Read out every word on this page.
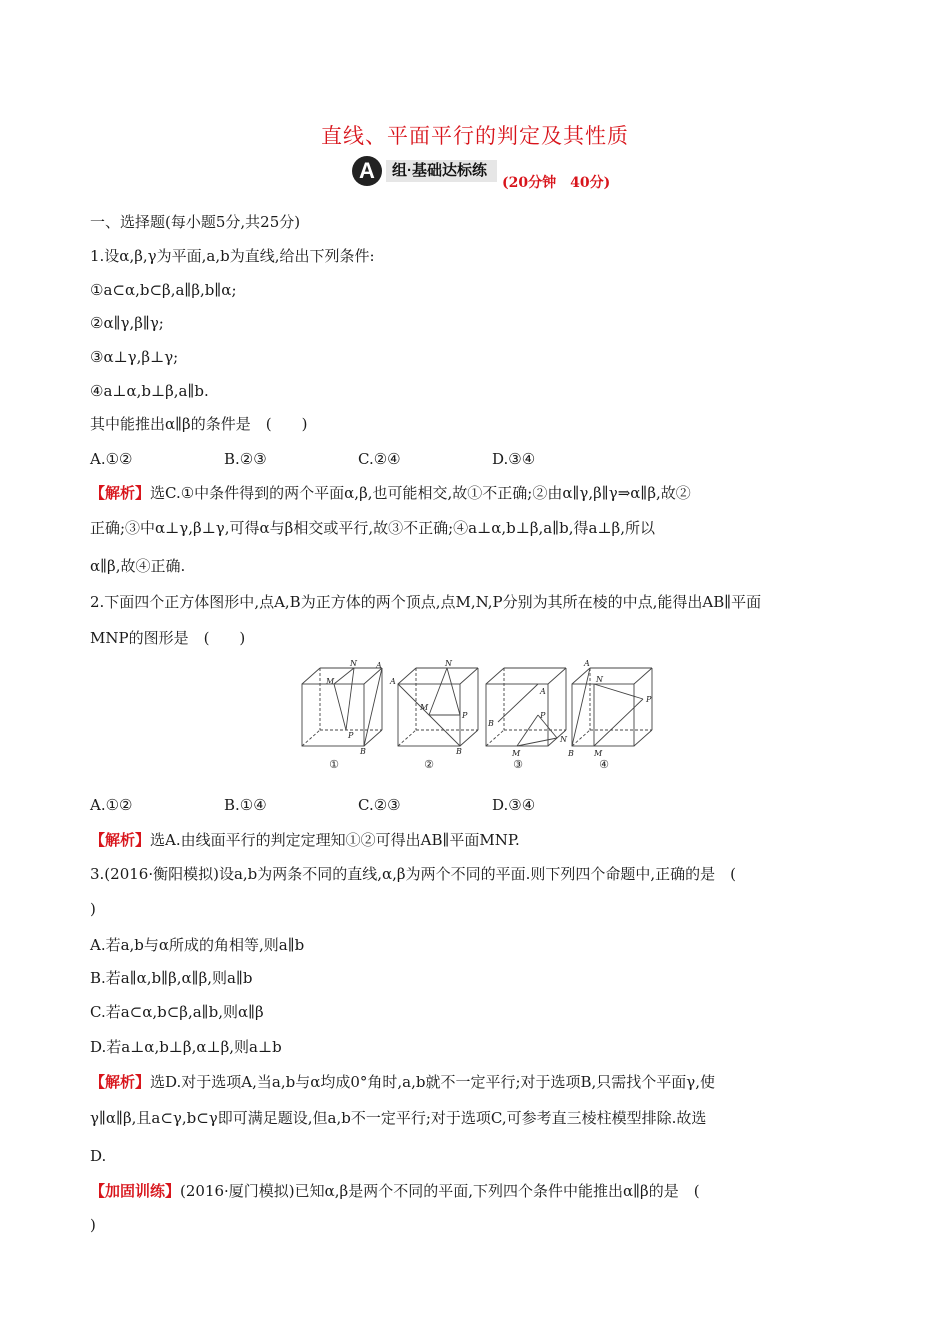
直线、平面平行的判定及其性质
A	组·基础达标练
(20分钟　40分)
一、选择题(每小题5分,共25分)
1.设α,β,γ为平面,a,b为直线,给出下列条件:
①a⊂α,b⊂β,a∥β,b∥α;
②α∥γ,β∥γ;
③α⊥γ,β⊥γ;
④a⊥α,b⊥β,a∥b.
其中能推出α∥β的条件是　(　　)
A.①②	B.②③	C.②④	D.③④
【解析】选C.①中条件得到的两个平面α,β,也可能相交,故①不正确;②由α∥γ,β∥γ⇒α∥β,故②
正确;③中α⊥γ,β⊥γ,可得α与β相交或平行,故③不正确;④a⊥α,b⊥β,a∥b,得a⊥β,所以
α∥β,故④正确.
2.下面四个正方体图形中,点A,B为正方体的两个顶点,点M,N,P分别为其所在棱的中点,能得出AB∥平面
MNP的图形是　(　　)
A
B
M
N
P
A
B
M
N
P
A
B
M
N
P
A
B	M
N
P
①	②	③	④
A.①②	B.①④	C.②③	D.③④
【解析】选A.由线面平行的判定定理知①②可得出AB∥平面MNP.
3.(2016·衡阳模拟)设a,b为两条不同的直线,α,β为两个不同的平面.则下列四个命题中,正确的是　(
)
A.若a,b与α所成的角相等,则a∥b
B.若a∥α,b∥β,α∥β,则a∥b
C.若a⊂α,b⊂β,a∥b,则α∥β
D.若a⊥α,b⊥β,α⊥β,则a⊥b
【解析】选D.对于选项A,当a,b与α均成0°角时,a,b就不一定平行;对于选项B,只需找个平面γ,使
γ∥α∥β,且a⊂γ,b⊂γ即可满足题设,但a,b不一定平行;对于选项C,可参考直三棱柱模型排除.故选
D.
【加固训练】(2016·厦门模拟)已知α,β是两个不同的平面,下列四个条件中能推出α∥β的是　(
)
